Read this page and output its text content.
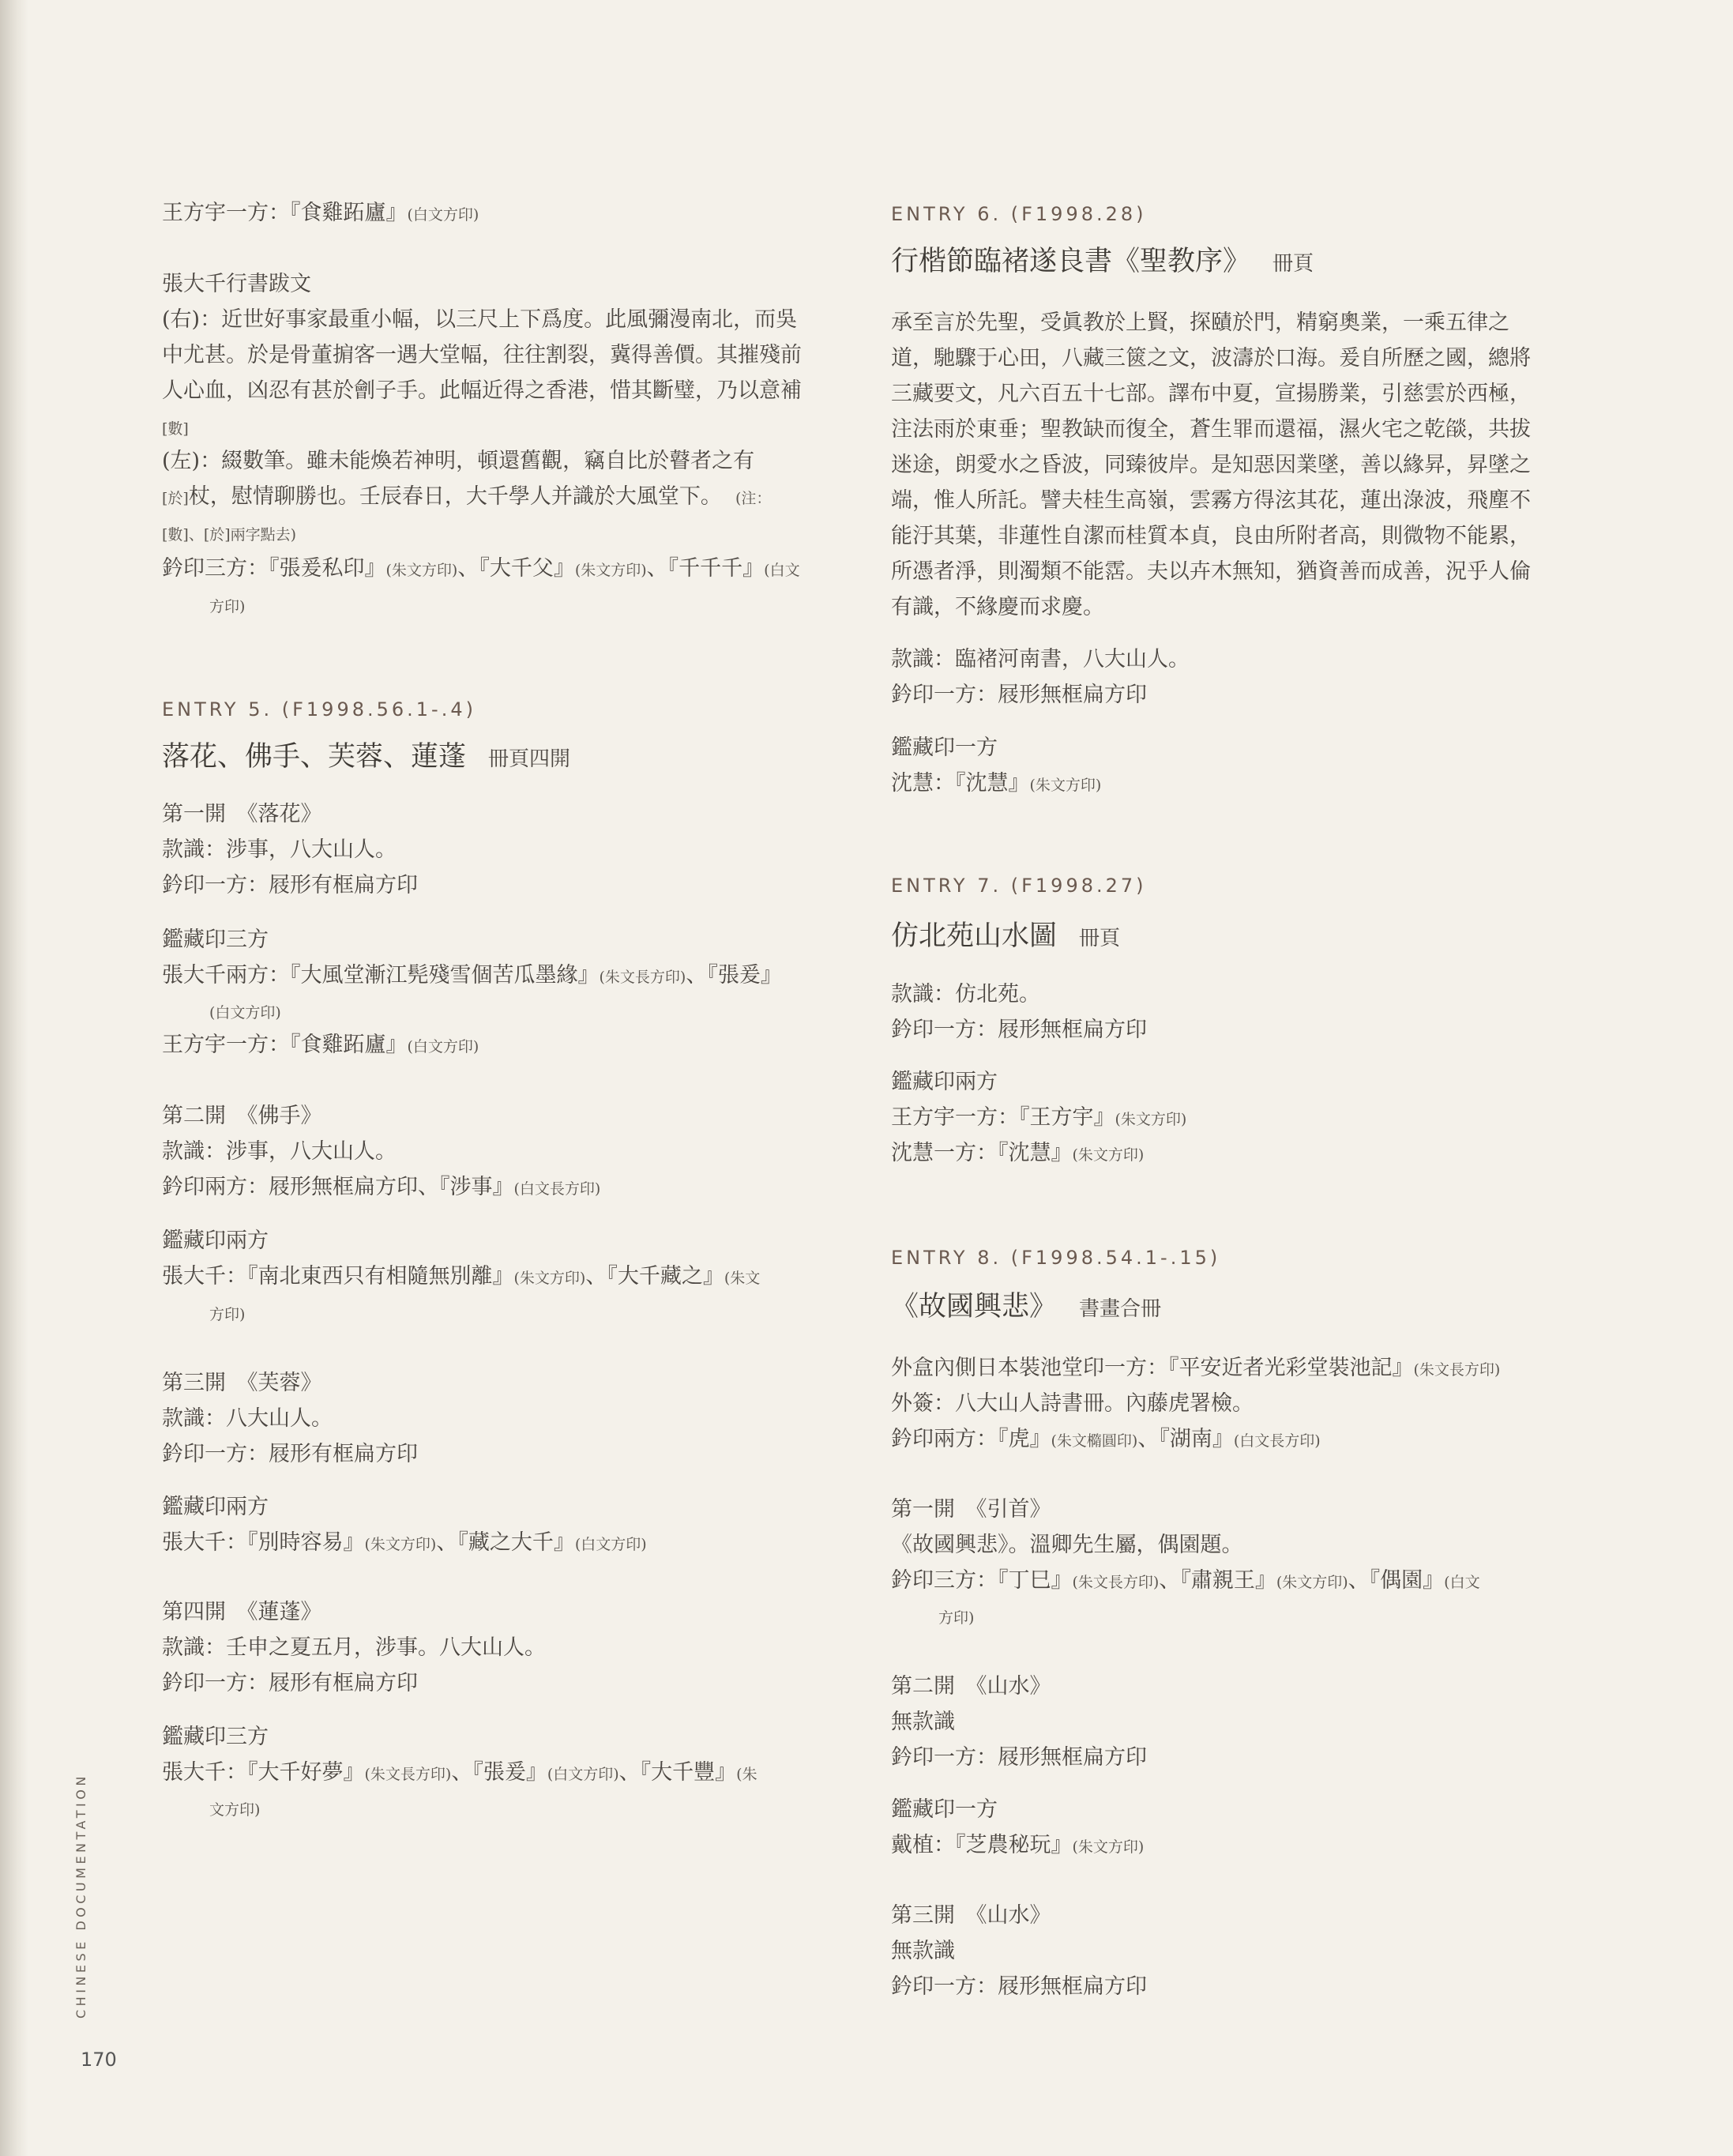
CHINESE DOCUMENTATION
170
王方宇一方：『食雞跖廬』(白文方印)
張大千行書跋文
(右)：近世好事家最重小幅，以三尺上下爲度。此風彌漫南北，而吳
中尤甚。於是骨董掮客一遇大堂幅，往往割裂，冀得善價。其摧殘前
人心血，凶忍有甚於劊子手。此幅近得之香港，惜其斷璧，乃以意補
[數]
(左)：綴數筆。雖未能煥若神明，頓還舊觀，竊自比於瞽者之有
[於]杖，慰情聊勝也。壬辰春日，大千學人并識於大風堂下。 (注：
[數]、[於]兩字點去)
鈐印三方：『張爰私印』(朱文方印)、『大千父』(朱文方印)、『千千千』(白文
方印)
ENTRY 5. (F1998.56.1-.4)
落花、佛手、芙蓉、蓮蓬 冊頁四開
第一開　《落花》
款識：涉事，八大山人。
鈐印一方：屐形有框扁方印
鑑藏印三方
張大千兩方：『大風堂漸江髡殘雪個苦瓜墨緣』(朱文長方印)、『張爰』
(白文方印)
王方宇一方：『食雞跖廬』(白文方印)
第二開　《佛手》
款識：涉事，八大山人。
鈐印兩方：屐形無框扁方印、『涉事』(白文長方印)
鑑藏印兩方
張大千：『南北東西只有相隨無別離』(朱文方印)、『大千藏之』(朱文
方印)
第三開　《芙蓉》
款識：八大山人。
鈐印一方：屐形有框扁方印
鑑藏印兩方
張大千：『別時容易』(朱文方印)、『藏之大千』(白文方印)
第四開　《蓮蓬》
款識：壬申之夏五月，涉事。八大山人。
鈐印一方：屐形有框扁方印
鑑藏印三方
張大千：『大千好夢』(朱文長方印)、『張爰』(白文方印)、『大千豐』(朱
文方印)
ENTRY 6. (F1998.28)
行楷節臨褚遂良書《聖教序》 冊頁
承至言於先聖，受眞教於上賢，探賾於門，精窮奧業，一乘五律之
道，馳驟于心田，八藏三篋之文，波濤於口海。爰自所歷之國，總將
三藏要文，凡六百五十七部。譯布中夏，宣揚勝業，引慈雲於西極，
注法雨於東垂；聖教缺而復全，蒼生罪而還福，濕火宅之乾燄，共拔
迷途，朗愛水之昏波，同臻彼岸。是知惡因業墜，善以緣昇，昇墜之
端，惟人所託。譬夫桂生高嶺，雲霧方得泫其花，蓮出淥波，飛塵不
能汙其葉，非蓮性自潔而桂質本貞，良由所附者高，則微物不能累，
所憑者淨，則濁類不能霑。夫以卉木無知，猶資善而成善，況乎人倫
有識，不緣慶而求慶。
款識：臨褚河南書，八大山人。
鈐印一方：屐形無框扁方印
鑑藏印一方
沈慧：『沈慧』(朱文方印)
ENTRY 7. (F1998.27)
仿北苑山水圖 冊頁
款識：仿北苑。
鈐印一方：屐形無框扁方印
鑑藏印兩方
王方宇一方：『王方宇』(朱文方印)
沈慧一方：『沈慧』(朱文方印)
ENTRY 8. (F1998.54.1-.15)
《故國興悲》 書畫合冊
外盒內側日本裝池堂印一方：『平安近者光彩堂裝池記』(朱文長方印)
外簽：八大山人詩書冊。內藤虎署檢。
鈐印兩方：『虎』(朱文橢圓印)、『湖南』(白文長方印)
第一開　《引首》
《故國興悲》。溫卿先生屬，偶園題。
鈐印三方：『丁巳』(朱文長方印)、『肅親王』(朱文方印)、『偶園』(白文
方印)
第二開　《山水》
無款識
鈐印一方：屐形無框扁方印
鑑藏印一方
戴植：『芝農秘玩』(朱文方印)
第三開　《山水》
無款識
鈐印一方：屐形無框扁方印
